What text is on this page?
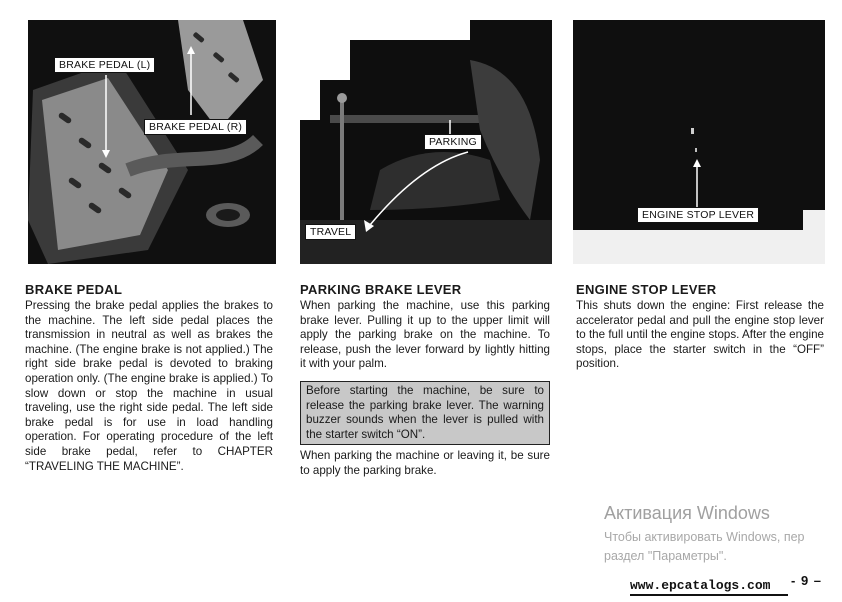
BRAKE PEDAL (L)
BRAKE PEDAL (R)
PARKING
TRAVEL
ENGINE STOP LEVER
BRAKE PEDAL

Pressing the brake pedal applies the brakes to the machine. The left side pedal places the transmission in neutral as well as brakes the machine. (The engine brake is not applied.) The right side brake pedal is devoted to braking operation only. (The engine brake is applied.) To slow down or stop the machine in usual traveling, use the right side pedal. The left side brake pedal is for use in load handling operation. For operating procedure of the left side brake pedal, refer to CHAPTER “TRAVELING THE MACHINE”.

PARKING BRAKE LEVER

When parking the machine, use this parking brake lever. Pulling it up to the upper limit will apply the parking brake on the machine. To release, push the lever forward by lightly hitting it with your palm.

Before starting the machine, be sure to release the parking brake lever. The warning buzzer sounds when the lever is pulled with the starter switch “ON”.

When parking the machine or leaving it, be sure to apply the parking brake.

ENGINE STOP LEVER

This shuts down the engine: First release the accelerator pedal and pull the engine stop lever to the full until the engine stops. After the engine stops, place the starter switch in the “OFF” position.

Активация Windows
Чтобы активировать Windows, пер
раздел "Параметры".
www.epcatalogs.com - 9 –
